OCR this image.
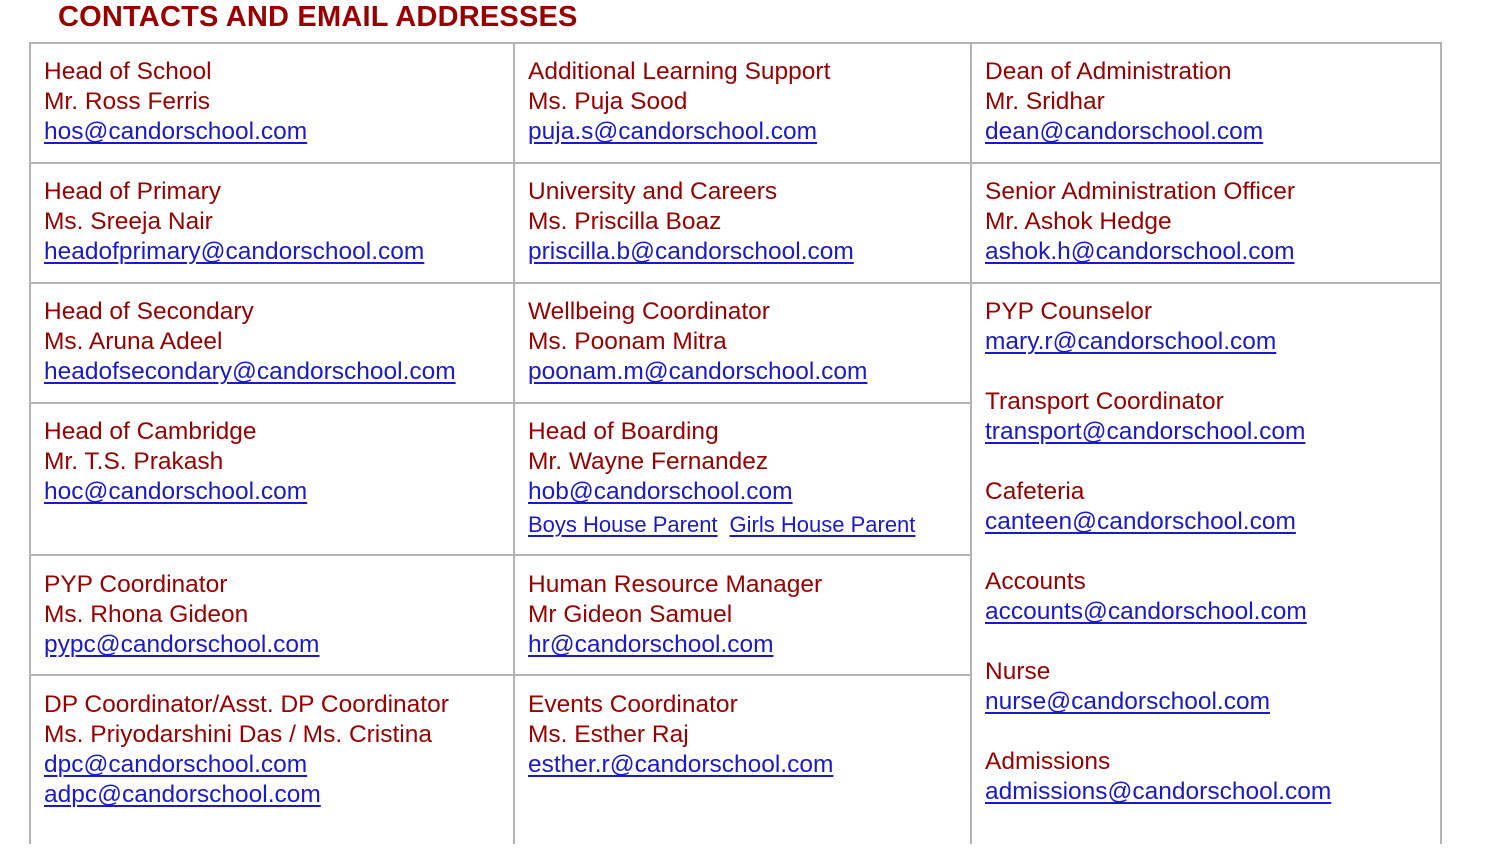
CONTACTS AND EMAIL ADDRESSES
Head of School
Mr. Ross Ferris
hos@candorschool.com
Head of Primary
Ms. Sreeja Nair
headofprimary@candorschool.com
Head of Secondary
Ms. Aruna Adeel
headofsecondary@candorschool.com
Head of Cambridge
Mr. T.S. Prakash
hoc@candorschool.com
PYP Coordinator
Ms. Rhona Gideon
pypc@candorschool.com
DP Coordinator/Asst. DP Coordinator
Ms. Priyodarshini Das / Ms. Cristina
dpc@candorschool.com
adpc@candorschool.com
Additional Learning Support
Ms. Puja Sood
puja.s@candorschool.com
University and Careers
Ms. Priscilla Boaz
priscilla.b@candorschool.com
Wellbeing Coordinator
Ms. Poonam Mitra
poonam.m@candorschool.com
Head of Boarding
Mr. Wayne Fernandez
hob@candorschool.com
Boys House Parent Girls House Parent
Human Resource Manager
Mr Gideon Samuel
hr@candorschool.com
Events Coordinator
Ms. Esther Raj
esther.r@candorschool.com
Dean of Administration
Mr. Sridhar
dean@candorschool.com
Senior Administration Officer
Mr. Ashok Hedge
ashok.h@candorschool.com
PYP Counselor
mary.r@candorschool.com
Transport Coordinator
transport@candorschool.com
Cafeteria
canteen@candorschool.com
Accounts
accounts@candorschool.com
Nurse
nurse@candorschool.com
Admissions
admissions@candorschool.com
